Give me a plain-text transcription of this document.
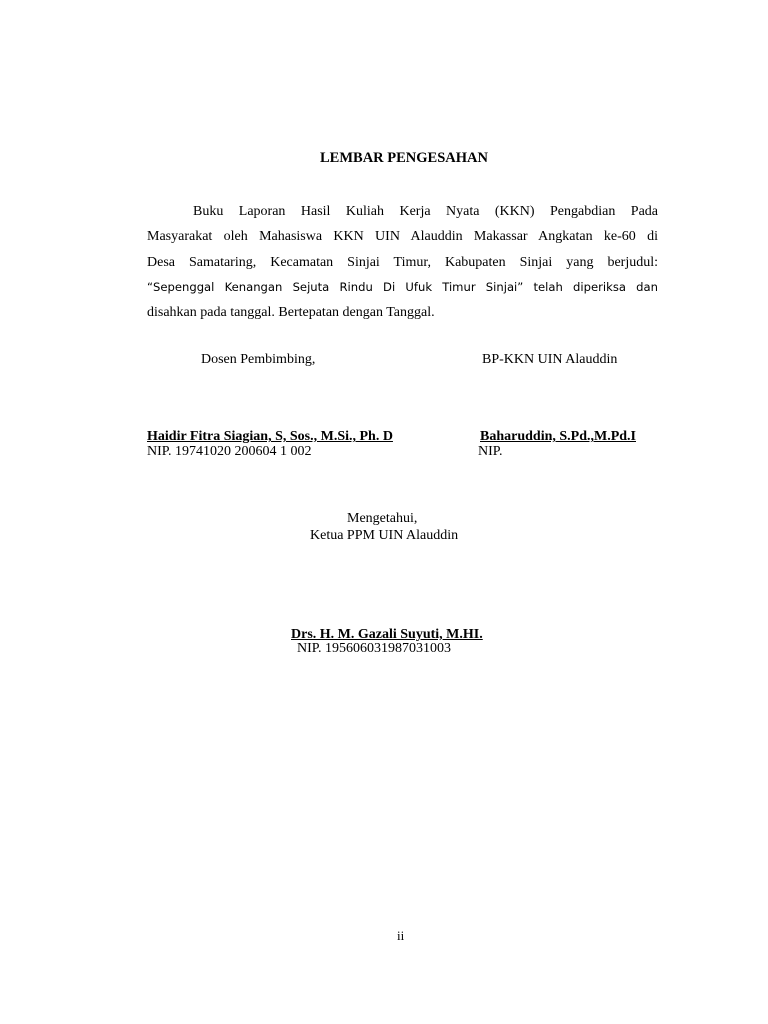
LEMBAR PENGESAHAN
Buku Laporan Hasil Kuliah Kerja Nyata (KKN) Pengabdian Pada
Masyarakat oleh Mahasiswa KKN UIN Alauddin Makassar Angkatan ke-60 di
Desa Samataring, Kecamatan Sinjai Timur, Kabupaten Sinjai yang berjudul:
“Sepenggal Kenangan Sejuta Rindu Di Ufuk Timur Sinjai” telah diperiksa dan
disahkan pada tanggal. Bertepatan dengan Tanggal.
Dosen Pembimbing,	BP-KKN UIN Alauddin
Haidir Fitra Siagian, S, Sos., M.Si., Ph. D
NIP. 19741020 200604 1 002
Baharuddin, S.Pd.,M.Pd.I
NIP.
Mengetahui,
Ketua PPM UIN Alauddin
Drs. H. M. Gazali Suyuti, M.HI.
NIP. 195606031987031003
ii
